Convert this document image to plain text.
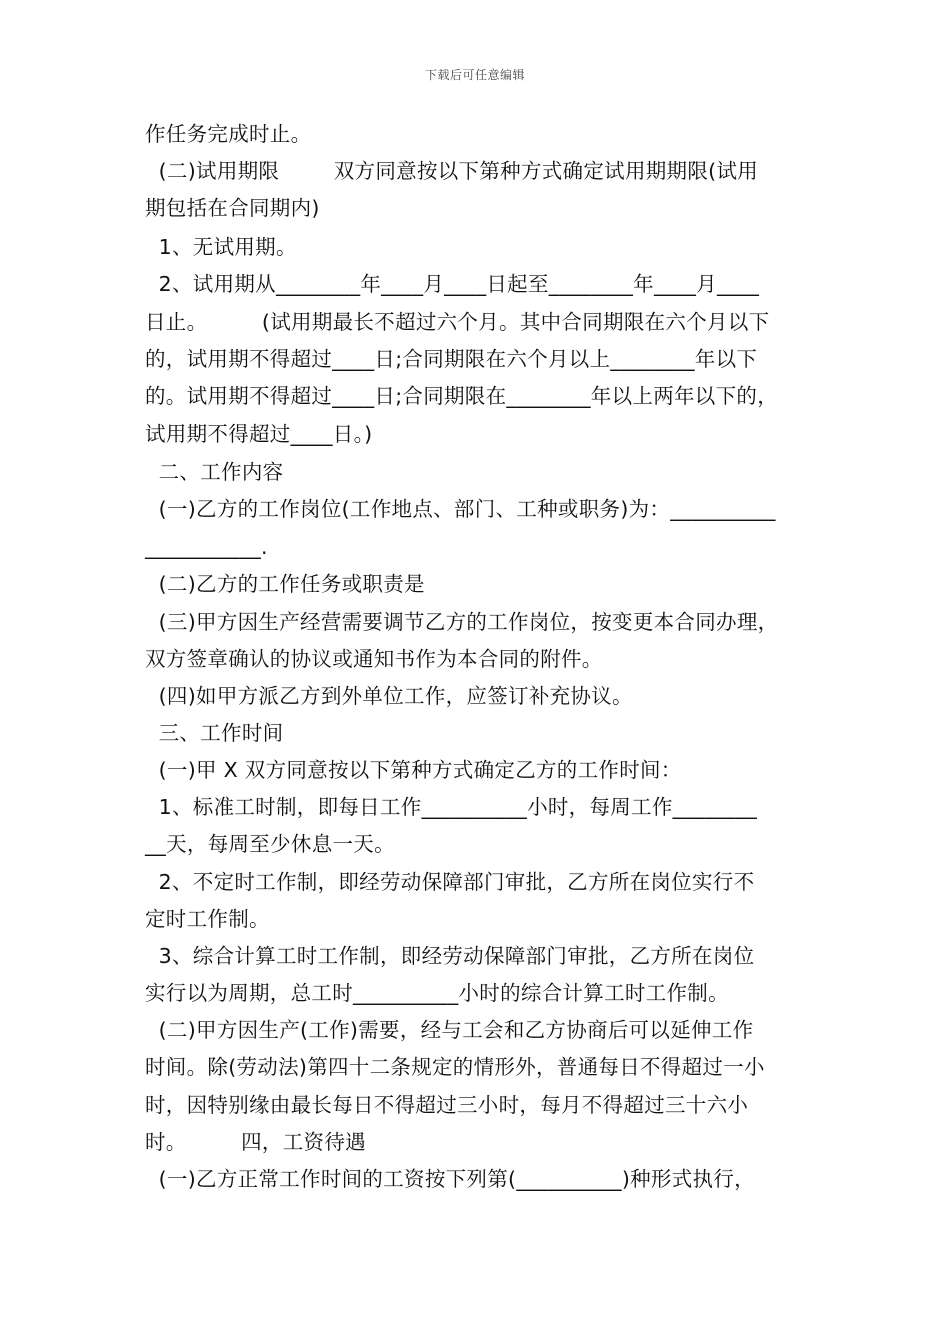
下载后可任意编辑
作任务完成时止。
(二)试用期限        双方同意按以下第种方式确定试用期期限(试用
期包括在合同期内)
1、无试用期。
2、试用期从________年____月____日起至________年____月____
日止。        (试用期最长不超过六个月。其中合同期限在六个月以下
的，试用期不得超过____日;合同期限在六个月以上________年以下
的。试用期不得超过____日;合同期限在________年以上两年以下的，
试用期不得超过____日。)
二、工作内容
(一)乙方的工作岗位(工作地点、部门、工种或职务)为：__________
___________.
(二)乙方的工作任务或职责是
(三)甲方因生产经营需要调节乙方的工作岗位，按变更本合同办理，
双方签章确认的协议或通知书作为本合同的附件。
(四)如甲方派乙方到外单位工作，应签订补充协议。
三、工作时间
(一)甲 X 双方同意按以下第种方式确定乙方的工作时间：
1、标准工时制，即每日工作__________小时，每周工作________
__天，每周至少休息一天。
2、不定时工作制，即经劳动保障部门审批，乙方所在岗位实行不
定时工作制。
3、综合计算工时工作制，即经劳动保障部门审批，乙方所在岗位
实行以为周期，总工时__________小时的综合计算工时工作制。
(二)甲方因生产(工作)需要，经与工会和乙方协商后可以延伸工作
时间。除(劳动法)第四十二条规定的情形外，普通每日不得超过一小
时，因特别缘由最长每日不得超过三小时，每月不得超过三十六小
时。        四，工资待遇
(一)乙方正常工作时间的工资按下列第(__________)种形式执行，
